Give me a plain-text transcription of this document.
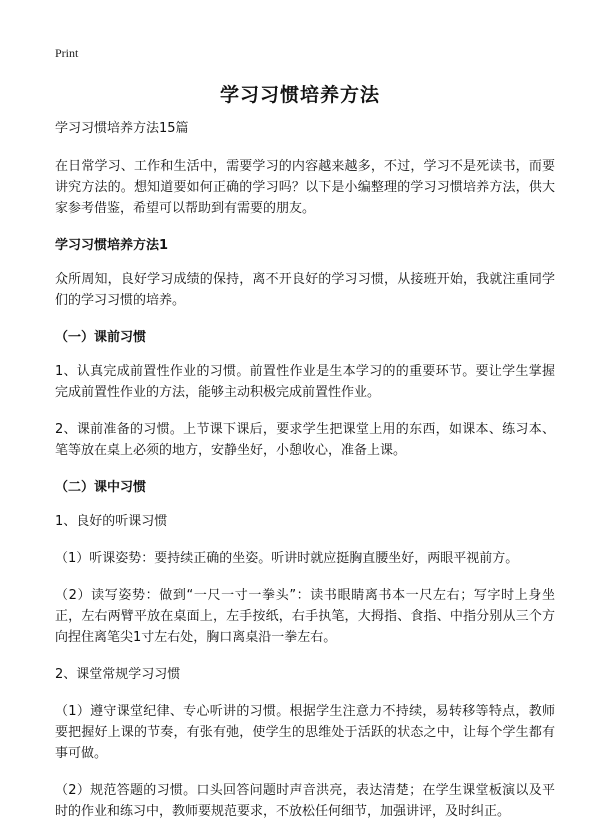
Print
学习习惯培养方法

学习习惯培养方法15篇

在日常学习、工作和生活中，需要学习的内容越来越多，不过，学习不是死读书，而要讲究方法的。想知道要如何正确的学习吗？以下是小编整理的学习习惯培养方法，供大家参考借鉴，希望可以帮助到有需要的朋友。

学习习惯培养方法1

众所周知，良好学习成绩的保持，离不开良好的学习习惯，从接班开始，我就注重同学们的学习习惯的培养。

（一）课前习惯

1、认真完成前置性作业的习惯。前置性作业是生本学习的的重要环节。要让学生掌握完成前置性作业的方法，能够主动积极完成前置性作业。

2、课前准备的习惯。上节课下课后，要求学生把课堂上用的东西，如课本、练习本、笔等放在桌上必须的地方，安静坐好，小憩收心，准备上课。

（二）课中习惯

1、良好的听课习惯

（1）听课姿势：要持续正确的坐姿。听讲时就应挺胸直腰坐好，两眼平视前方。

（2）读写姿势：做到“一尺一寸一拳头”：读书眼睛离书本一尺左右；写字时上身坐正，左右两臂平放在桌面上，左手按纸，右手执笔，大拇指、食指、中指分别从三个方向捏住离笔尖1寸左右处，胸口离桌沿一拳左右。

2、课堂常规学习习惯

（1）遵守课堂纪律、专心听讲的习惯。根据学生注意力不持续，易转移等特点，教师要把握好上课的节奏，有张有弛，使学生的思维处于活跃的状态之中，让每个学生都有事可做。

（2）规范答题的习惯。口头回答问题时声音洪亮，表达清楚；在学生课堂板演以及平时的作业和练习中，教师要规范要求，不放松任何细节，加强讲评，及时纠正。
